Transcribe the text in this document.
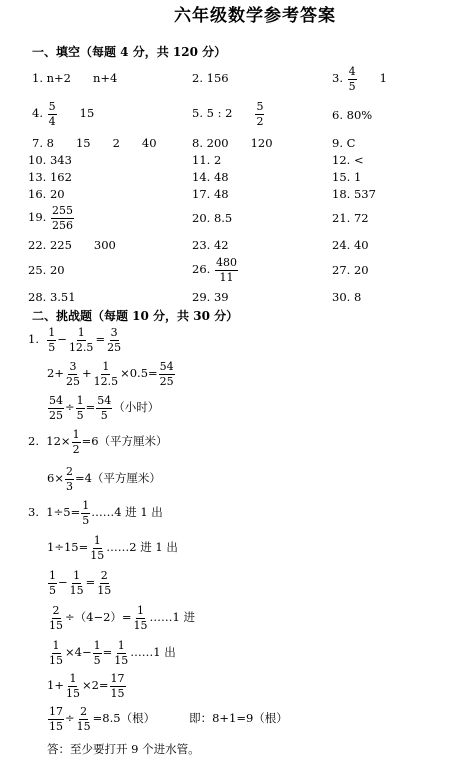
六年级数学参考答案
一、填空（每题 4 分，共 120 分）
1. n+2 n+4	2. 156	3.
$\frac{4}{5} 1$
4.
$\frac{5}{4} 15$	5. 5 : $2 \frac{5}{2}$	6. 80%
7. 8 15 2 40	8. 200 120	9. C
10. 343	11. 2	12. <
13. 162	14. 48	15. 1
16. 20	17. 48	18. 537
19.
$\frac{255}{256}$	20. 8.5	21. 72
22. 225 300	23. 42	24. 40
25. 20	26.
$\frac{480}{11}$	27. 20
28. 3.51	29. 39	30. 8
二、挑战题（每题 10 分，共 30 分）
1.
$\frac{1}{5} - \frac{1}{12.5} = \frac{3}{25}$
$2+ \frac{3}{25} + \frac{1}{12.5} \times 0.5= \frac{54}{25}$
$\frac{54}{25} \div \frac{1}{5} = \frac{54}{5}$ （小时）
2.
$12\times \frac{1}{2} =6$（平方厘米）
$6\times \frac{2}{3} =4$（平方厘米）
3.
$1\div 5= \frac{1}{5}$ ……4 进 1 出
$1\div 15= \frac{1}{15}$ ……2 进 1 出
$\frac{1}{5} - \frac{1}{15} = \frac{2}{15}$
$\frac{2}{15} \div(4-2)= \frac{1}{15}$ ……1 进
$\frac{1}{15} \times 4- \frac{1}{5} = \frac{1}{15}$ ……1 出
$1+ \frac{1}{15} \times 2= \frac{17}{15}$
$\frac{17}{15} \div \frac{2}{15} =8.5$（根）	即：8+1=9（根）
答：至少要打开 9 个进水管。
